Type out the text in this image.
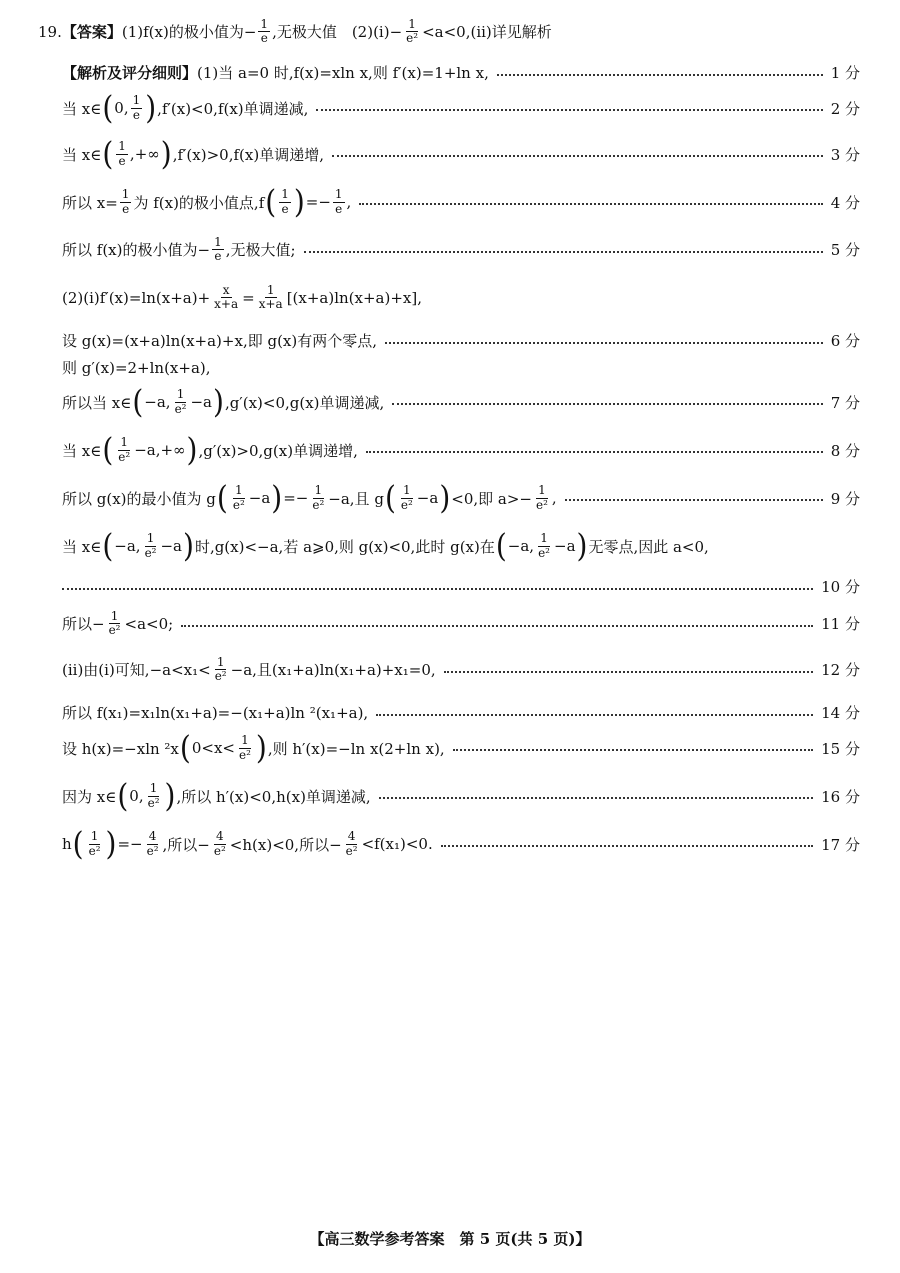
19. 【答案】 (1)f(x)的极小值为− $\frac{1}{e}$ ,无极大值　$(2)(i)- \frac{1}{\text{e²}} <a<0,(ii)$详见解析
【解析及评分细则】 (1)当 a=0 时,f(x)=xln x,则 f′(x)=1+ln x,	1 分
当 x∈ ( 0, $\frac{1}{e}$ ) ,f′(x)<0,f(x)单调递减,	2 分
当 x∈ ( $\frac{1}{e}$ ,+∞ ) ,f′(x)>0,f(x)单调递增,	3 分
所以 $x= \frac{1}{e}$ 为 f(x)的极小值点,f ( $\frac{1}{e}$ ) =− $\frac{1}{e}$ ,	4 分
所以 f(x)的极小值为− $\frac{1}{e}$ ,无极大值;	5 分
$(2)(i)f'(x)=\ln(x+a)+ \frac{x}{x+a} = \frac{1}{x+a} [(x+a)\ln(x+a)+x]$,
设 g(x)=(x+a)ln(x+a)+x,即 g(x)有两个零点,	6 分
则 g′(x)=2+ln(x+a),
所以当 x∈ ( −a, $\frac{1}{\text{e²}} -a$ ) ,g′(x)<0,g(x)单调递减,	7 分
当 x∈ ( $\frac{1}{\text{e²}} -a,+\infty$ ) ,g′(x)>0,g(x)单调递增,	8 分
所以 g(x)的最小值为 g ( $\frac{1}{\text{e²}} -a$ ) =− $\frac{1}{\text{e²}} -a$,且 g ( $\frac{1}{\text{e²}} -a$ ) <0,即 $a>- \frac{1}{\text{e²}}$ ,	9 分
当 x∈ ( −a, $\frac{1}{\text{e²}} -a$ ) 时,g(x)<−a,若 a⩾0,则 g(x)<0,此时 g(x)在 ( −a, $\frac{1}{\text{e²}} -a$ ) 无零点,因此 a<0,
10 分
所以− $\frac{1}{\text{e²}} <a<0$;	11 分
(ii)由(i)可知$,-a<x_1< \frac{1}{\text{e²}} -a$,且(x₁+a)ln(x₁+a)+x₁=0,	12 分
所以 f(x₁)=x₁ln(x₁+a)=−(x₁+a)ln ²(x₁+a),	14 分
设 h(x)=−xln ²x ( $0<x< \frac{1}{\text{e²}}$ ) ,则 h′(x)=−ln x(2+ln x),	15 分
因为 x∈ ( 0, $\frac{1}{\text{e²}}$ ) ,所以 h′(x)<0,h(x)单调递减,	16 分
h ( $\frac{1}{\text{e²}}$ ) =− $\frac{4}{\text{e²}}$ ,所以− $\frac{4}{\text{e²}} <h(x)<0$,所以− $\frac{4}{\text{e²}} <f(x_1)<0$.	17 分
【高三数学参考答案　第 5 页(共 5 页)】
